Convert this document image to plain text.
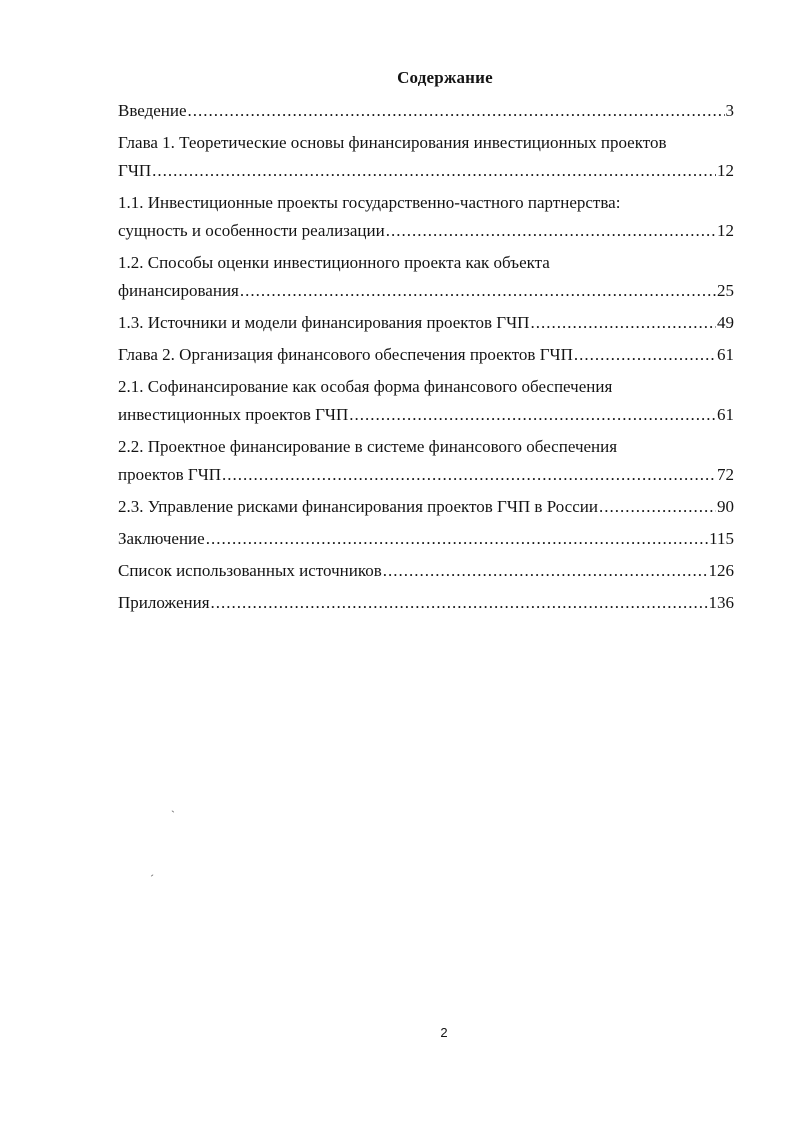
Содержание
Введение .....	3
Глава 1. Теоретические основы финансирования инвестиционных проектов
ГЧП .....	12
1.1. Инвестиционные проекты государственно-частного партнерства:
сущность и особенности реализации .....	12
1.2. Способы оценки инвестиционного проекта как объекта
финансирования .....	25
1.3. Источники и модели финансирования проектов ГЧП .....	49
Глава 2. Организация финансового обеспечения проектов ГЧП .....	61
2.1. Софинансирование как особая форма финансового обеспечения
инвестиционных проектов ГЧП .....	61
2.2. Проектное финансирование в системе финансового обеспечения
проектов ГЧП .....	72
2.3. Управление рисками финансирования проектов ГЧП в России .....	90
Заключение .....	115
Список использованных источников .....	126
Приложения .....	136
ˋ
ˊ
2
